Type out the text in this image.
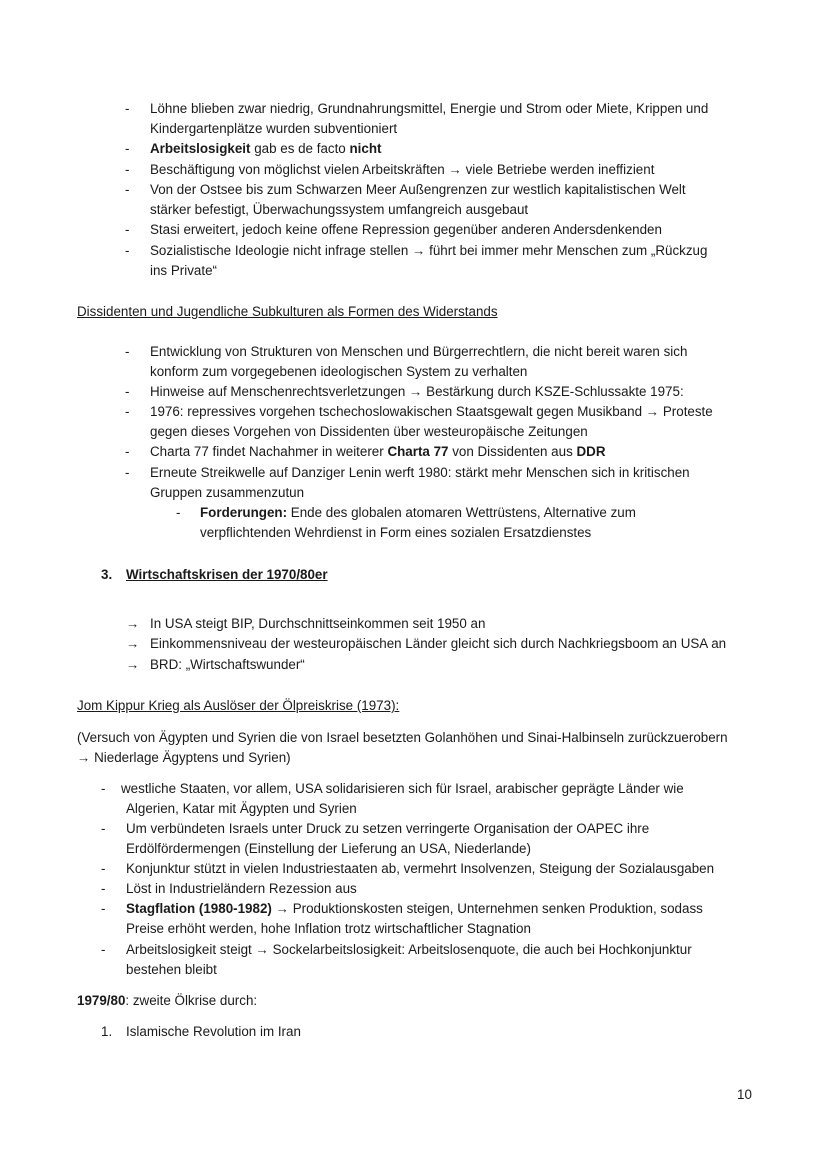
- Löhne blieben zwar niedrig, Grundnahrungsmittel, Energie und Strom oder Miete, Krippen und
Kindergartenplätze wurden subventioniert
- Arbeitslosigkeit gab es de facto nicht
- Beschäftigung von möglichst vielen Arbeitskräften → viele Betriebe werden ineffizient
- Von der Ostsee bis zum Schwarzen Meer Außengrenzen zur westlich kapitalistischen Welt
stärker befestigt, Überwachungssystem umfangreich ausgebaut
- Stasi erweitert, jedoch keine offene Repression gegenüber anderen Andersdenkenden
- Sozialistische Ideologie nicht infrage stellen → führt bei immer mehr Menschen zum „Rückzug
ins Private“
Dissidenten und Jugendliche Subkulturen als Formen des Widerstands
- Entwicklung von Strukturen von Menschen und Bürgerrechtlern, die nicht bereit waren sich
konform zum vorgegebenen ideologischen System zu verhalten
- Hinweise auf Menschenrechtsverletzungen → Bestärkung durch KSZE-Schlussakte 1975:
- 1976: repressives vorgehen tschechoslowakischen Staatsgewalt gegen Musikband → Proteste
gegen dieses Vorgehen von Dissidenten über westeuropäische Zeitungen
- Charta 77 findet Nachahmer in weiterer Charta 77 von Dissidenten aus DDR
- Erneute Streikwelle auf Danziger Lenin werft 1980: stärkt mehr Menschen sich in kritischen
Gruppen zusammenzutun
- Forderungen: Ende des globalen atomaren Wettrüstens, Alternative zum
verpflichtenden Wehrdienst in Form eines sozialen Ersatzdienstes
3. Wirtschaftskrisen der 1970/80er
→ In USA steigt BIP, Durchschnittseinkommen seit 1950 an
→ Einkommensniveau der westeuropäischen Länder gleicht sich durch Nachkriegsboom an USA an
→ BRD: „Wirtschaftswunder“
Jom Kippur Krieg als Auslöser der Ölpreiskrise (1973):
(Versuch von Ägypten und Syrien die von Israel besetzten Golanhöhen und Sinai-Halbinseln zurückzuerobern
→ Niederlage Ägyptens und Syrien)
- westliche Staaten, vor allem, USA solidarisieren sich für Israel, arabischer geprägte Länder wie
Algerien, Katar mit Ägypten und Syrien
- Um verbündeten Israels unter Druck zu setzen verringerte Organisation der OAPEC ihre
Erdölfördermengen (Einstellung der Lieferung an USA, Niederlande)
- Konjunktur stützt in vielen Industriestaaten ab, vermehrt Insolvenzen, Steigung der Sozialausgaben
- Löst in Industrieländern Rezession aus
- Stagflation (1980-1982) → Produktionskosten steigen, Unternehmen senken Produktion, sodass
Preise erhöht werden, hohe Inflation trotz wirtschaftlicher Stagnation
- Arbeitslosigkeit steigt → Sockelarbeitslosigkeit: Arbeitslosenquote, die auch bei Hochkonjunktur
bestehen bleibt
1979/80: zweite Ölkrise durch:
1. Islamische Revolution im Iran
10
